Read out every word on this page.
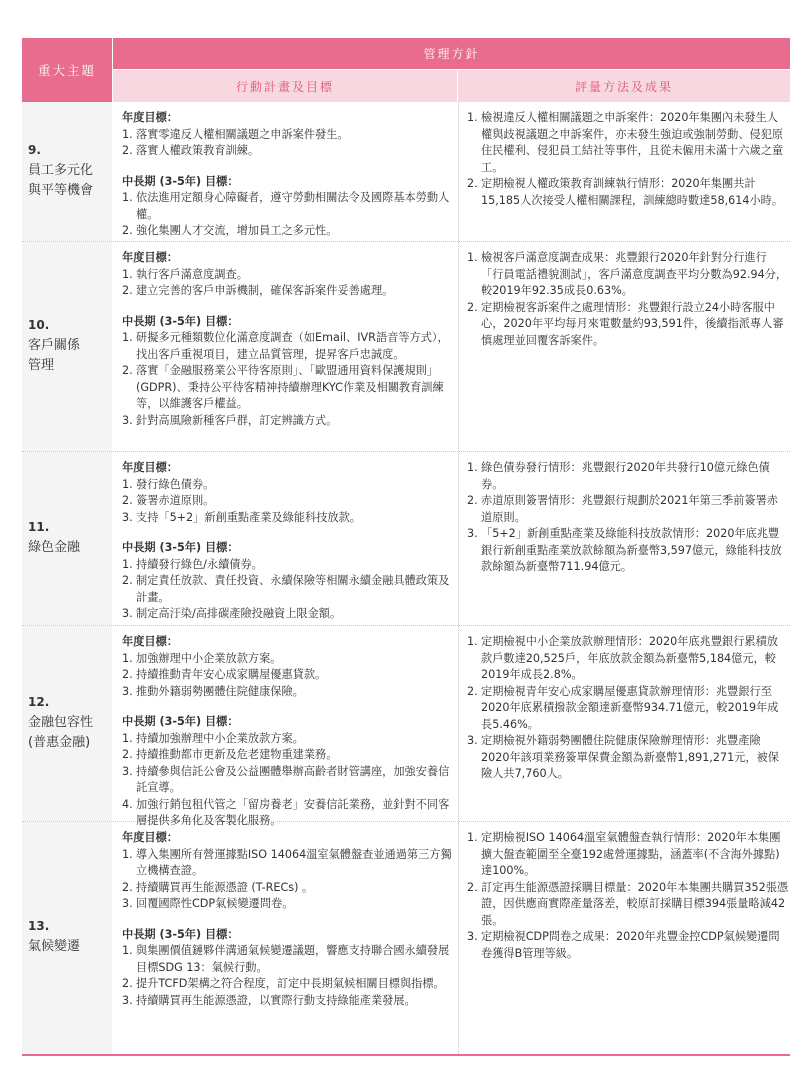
重大主題
管理方針
行動計畫及目標	評量方法及成果
9.
員工多元化
與平等機會
年度目標：
1. 落實零違反人權相關議題之申訴案件發生。
2. 落實人權政策教育訓練。
中長期 (3-5年) 目標：
1. 依法進用定額身心障礙者，遵守勞動相關法令及國際基本勞動人權。
2. 強化集團人才交流，增加員工之多元性。
1. 檢視違反人權相關議題之申訴案件：2020年集團內未發生人權與歧視議題之申訴案件，亦未發生強迫或強制勞動、侵犯原住民權利、侵犯員工結社等事件，且從未僱用未滿十六歲之童工。
2. 定期檢視人權政策教育訓練執行情形：2020年集團共計15,185人次接受人權相關課程，訓練總時數達58,614小時。
10.
客戶關係
管理
年度目標：
1. 執行客戶滿意度調查。
2. 建立完善的客戶申訴機制，確保客訴案件妥善處理。
中長期 (3-5年) 目標：
1. 研擬多元種類數位化滿意度調查（如Email、IVR語音等方式），找出客戶重視項目，建立品質管理，提昇客戶忠誠度。
2. 落實「金融服務業公平待客原則」、「歐盟通用資料保護規則」(GDPR)、秉持公平待客精神持續辦理KYC作業及相關教育訓練等，以維護客戶權益。
3. 針對高風險新種客戶群，訂定辨識方式。
1. 檢視客戶滿意度調查成果：兆豐銀行2020年針對分行進行「行員電話禮貌測試」，客戶滿意度調查平均分數為92.94分，較2019年92.35成長0.63%。
2. 定期檢視客訴案件之處理情形：兆豐銀行設立24小時客服中心，2020年平均每月來電數量約93,591件，後續指派專人審慎處理並回覆客訴案件。
11.
綠色金融
年度目標：
1. 發行綠色債券。
2. 簽署赤道原則。
3. 支持「5+2」新創重點產業及綠能科技放款。
中長期 (3-5年) 目標：
1. 持續發行綠色/永續債券。
2. 制定責任放款、責任投資、永續保險等相關永續金融具體政策及計畫。
3. 制定高汙染/高排碳產險投融資上限金額。
1. 綠色債券發行情形：兆豐銀行2020年共發行10億元綠色債券。
2. 赤道原則簽署情形：兆豐銀行規劃於2021年第三季前簽署赤道原則。
3. 「5+2」新創重點產業及綠能科技放款情形：2020年底兆豐銀行新創重點產業放款餘額為新臺幣3,597億元，綠能科技放款餘額為新臺幣711.94億元。
12.
金融包容性
(普惠金融)
年度目標：
1. 加強辦理中小企業放款方案。
2. 持續推動青年安心成家購屋優惠貸款。
3. 推動外籍弱勢團體住院健康保險。
中長期 (3-5年) 目標：
1. 持續加強辦理中小企業放款方案。
2. 持續推動都市更新及危老建物重建業務。
3. 持續參與信託公會及公益團體舉辦高齡者財管講座，加強安養信託宣導。
4. 加強行銷包租代管之「留房養老」安養信託業務，並針對不同客層提供多角化及客製化服務。
1. 定期檢視中小企業放款辦理情形：2020年底兆豐銀行累積放款戶數達20,525戶，年底放款金額為新臺幣5,184億元，較2019年成長2.8%。
2. 定期檢視青年安心成家購屋優惠貸款辦理情形：兆豐銀行至2020年底累積撥款金額達新臺幣934.71億元，較2019年成長5.46%。
3. 定期檢視外籍弱勢團體住院健康保險辦理情形：兆豐產險2020年該項業務簽單保費金額為新臺幣1,891,271元，被保險人共7,760人。
13.
氣候變遷
年度目標：
1. 導入集團所有營運據點ISO 14064溫室氣體盤查並通過第三方獨立機構查證。
2. 持續購買再生能源憑證 (T-RECs) 。
3. 回覆國際性CDP氣候變遷問卷。
中長期 (3-5年) 目標：
1. 與集團價值鏈夥伴溝通氣候變遷議題，響應支持聯合國永續發展目標SDG 13：氣候行動。
2. 提升TCFD架構之符合程度，訂定中長期氣候相關目標與指標。
3. 持續購買再生能源憑證，以實際行動支持綠能產業發展。
1. 定期檢視ISO 14064溫室氣體盤查執行情形：2020年本集團擴大盤查範圍至全臺192處營運據點，涵蓋率(不含海外據點) 達100%。
2. 訂定再生能源憑證採購目標量：2020年本集團共購買352張憑證，因供應商實際產量落差，較原訂採購目標394張量略減42張。
3. 定期檢視CDP問卷之成果：2020年兆豐金控CDP氣候變遷問卷獲得B管理等級。
